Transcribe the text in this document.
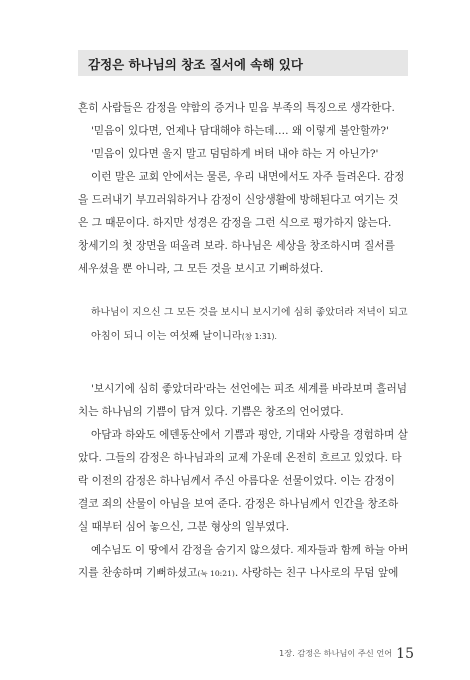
감정은 하나님의 창조 질서에 속해 있다
흔히 사람들은 감정을 약함의 증거나 믿음 부족의 특징으로 생각한다.
'믿음이 있다면, 언제나 담대해야 하는데…. 왜 이렇게 불안할까?'
'믿음이 있다면 울지 말고 덤덤하게 버텨 내야 하는 거 아닌가?'
이런 말은 교회 안에서는 물론, 우리 내면에서도 자주 들려온다. 감정
을 드러내기 부끄러워하거나 감정이 신앙생활에 방해된다고 여기는 것
은 그 때문이다. 하지만 성경은 감정을 그런 식으로 평가하지 않는다.
창세기의 첫 장면을 떠올려 보라. 하나님은 세상을 창조하시며 질서를
세우셨을 뿐 아니라, 그 모든 것을 보시고 기뻐하셨다.
하나님이 지으신 그 모든 것을 보시니 보시기에 심히 좋았더라 저녁이 되고
아침이 되니 이는 여섯째 날이니라(창 1:31).
'보시기에 심히 좋았더라'라는 선언에는 피조 세계를 바라보며 흘러넘
치는 하나님의 기쁨이 담겨 있다. 기쁨은 창조의 언어였다.
아담과 하와도 에덴동산에서 기쁨과 평안, 기대와 사랑을 경험하며 살
았다. 그들의 감정은 하나님과의 교제 가운데 온전히 흐르고 있었다. 타
락 이전의 감정은 하나님께서 주신 아름다운 선물이었다. 이는 감정이
결코 죄의 산물이 아님을 보여 준다. 감정은 하나님께서 인간을 창조하
실 때부터 심어 놓으신, 그분 형상의 일부였다.
예수님도 이 땅에서 감정을 숨기지 않으셨다. 제자들과 함께 하늘 아버
지를 찬송하며 기뻐하셨고(눅 10:21). 사랑하는 친구 나사로의 무덤 앞에
1장. 감정은 하나님이 주신 언어 15
